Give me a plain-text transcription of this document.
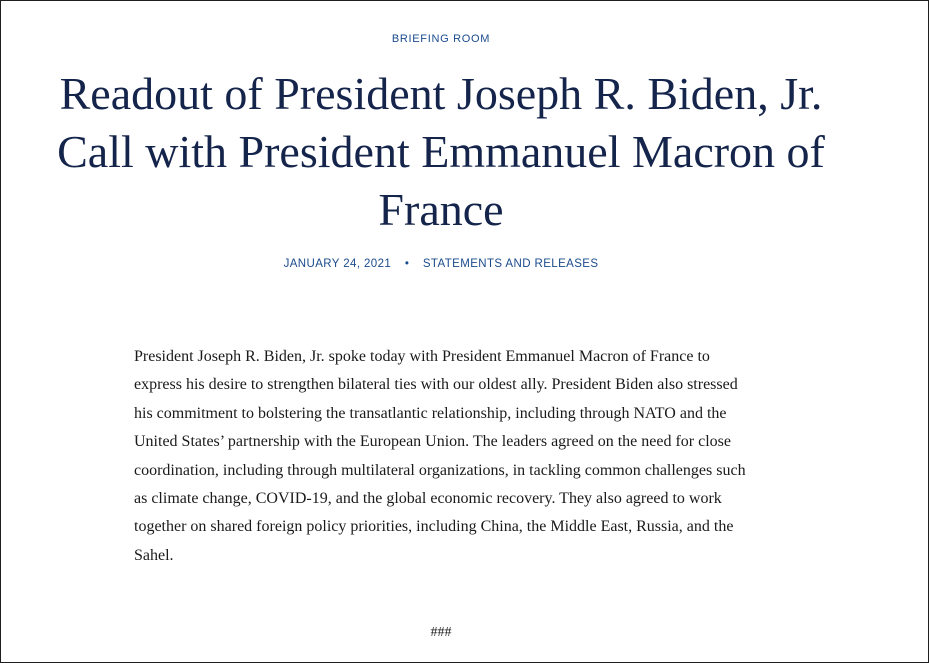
BRIEFING ROOM
Readout of President Joseph R. Biden, Jr. Call with President Emmanuel Macron of France
JANUARY 24, 2021 • STATEMENTS AND RELEASES

President Joseph R. Biden, Jr. spoke today with President Emmanuel Macron of France to express his desire to strengthen bilateral ties with our oldest ally. President Biden also stressed his commitment to bolstering the transatlantic relationship, including through NATO and the United States’ partnership with the European Union. The leaders agreed on the need for close coordination, including through multilateral organizations, in tackling common challenges such as climate change, COVID-19, and the global economic recovery. They also agreed to work together on shared foreign policy priorities, including China, the Middle East, Russia, and the Sahel.

###
